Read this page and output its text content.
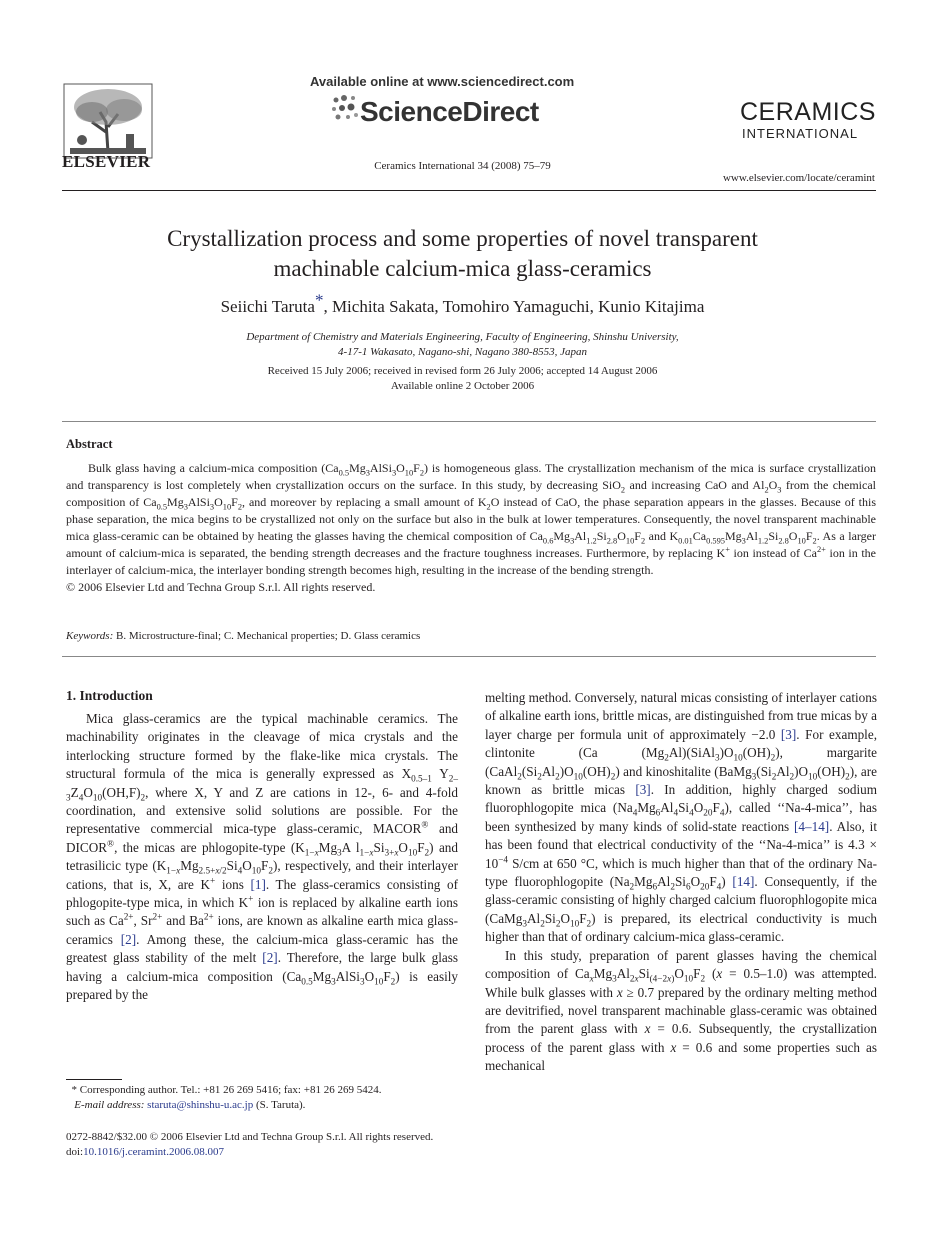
ELSEVIER
Available online at www.sciencedirect.com
ScienceDirect
Ceramics International 34 (2008) 75–79
CERAMICS
INTERNATIONAL
www.elsevier.com/locate/ceramint
Crystallization process and some properties of novel transparent
machinable calcium-mica glass-ceramics
Seiichi Taruta*, Michita Sakata, Tomohiro Yamaguchi, Kunio Kitajima
Department of Chemistry and Materials Engineering, Faculty of Engineering, Shinshu University,
4-17-1 Wakasato, Nagano-shi, Nagano 380-8553, Japan
Received 15 July 2006; received in revised form 26 July 2006; accepted 14 August 2006
Available online 2 October 2006
Abstract

Bulk glass having a calcium-mica composition $(Ca_{0.5}Mg_3AlSi_3O_{10}F_2)$ is homogeneous glass. The crystallization mechanism of the mica is surface crystallization and transparency is lost completely when crystallization occurs on the surface. In this study, by decreasing SiO$_2$ and increasing CaO and $Al_2O_3$ from the chemical composition of $Ca_{0.5}Mg_3AlSi_3O_{10}F_2$, and moreover by replacing a small amount of $K_2O$ instead of CaO, the phase separation appears in the glasses. Because of this phase separation, the mica begins to be crystallized not only on the surface but also in the bulk at lower temperatures. Consequently, the novel transparent machinable mica glass-ceramic can be obtained by heating the glasses having the chemical composition of $Ca_{0.6}Mg_3Al_{1.2}Si_{2.8}O_{10}F_2$ and $K_{0.01}Ca_{0.595}Mg_3Al_{1.2}Si_{2.8}O_{10}F_2$. As a larger amount of calcium-mica is separated, the bending strength decreases and the fracture toughness increases. Furthermore, by replacing K+ ion instead of $Ca^{2+}$ ion in the interlayer of calcium-mica, the interlayer bonding strength becomes high, resulting in the increase of the bending strength.

© 2006 Elsevier Ltd and Techna Group S.r.l. All rights reserved.
Keywords: B. Microstructure-final; C. Mechanical properties; D. Glass ceramics
1. Introduction

Mica glass-ceramics are the typical machinable ceramics. The machinability originates in the cleavage of mica crystals and the interlocking structure formed by the flake-like mica crystals. The structural formula of the mica is generally expressed as $X_{0.5-1}$ $Y_{2-3}Z_4O_{10}(OH,F)_2$, where X, Y and Z are cations in 12-, 6- and 4-fold coordination, and extensive solid solutions are possible. For the representative commercial mica-type glass-ceramic, MACOR® and DICOR®, the micas are phlogopite-type ($K_{1-x}Mg_3A$ $l_{1-x}Si_{3+x}O_{10}F_2$) and tetrasilicic type $(K_{1-x}Mg_{2.5+x/2}Si_4O_{10}F_2)$, respectively, and their interlayer cations, that is, X, are K+ ions [1]. The glass-ceramics consisting of phlogopite-type mica, in which K+ ion is replaced by alkaline earth ions such as $Ca^{2+}$, $Sr^{2+}$ and $Ba^{2+}$ ions, are known as alkaline earth mica glass-ceramics [2]. Among these, the calcium-mica glass-ceramic has the greatest glass stability of the melt [2]. Therefore, the large bulk glass having a calcium-mica composition $(Ca_{0.5}Mg_3AlSi_3O_{10}F_2)$ is easily prepared by the

melting method. Conversely, natural micas consisting of interlayer cations of alkaline earth ions, brittle micas, are distinguished from true micas by a layer charge per formula unit of approximately −2.0 [3]. For example, clintonite (Ca $(Mg_2Al)(SiAl_3)O_{10}(OH)_2$), margarite $(CaAl_2(Si_2Al_2)O_{10}(OH)_2)$ and kinoshitalite $(BaMg_3(Si_2Al_2)O_{10}(OH)_2)$, are known as brittle micas [3]. In addition, highly charged sodium fluorophlogopite mica $(Na_4Mg_6Al_4Si_4O_{20}F_4)$, called ‘‘Na-4-mica’’, has been synthesized by many kinds of solid-state reactions [4–14]. Also, it has been found that electrical conductivity of the ‘‘Na-4-mica’’ is $4.3 \times 10^{-4}$ S/cm at 650 °C, which is much higher than that of the ordinary Na-type fluorophlogopite $(Na_2Mg_6Al_2Si_6O_{20}F_4)$ [14]. Consequently, if the glass-ceramic consisting of highly charged calcium fluorophlogopite mica $(CaMg_3Al_2Si_2O_{10}F_2)$ is prepared, its electrical conductivity is much higher than that of ordinary calcium-mica glass-ceramic.

In this study, preparation of parent glasses having the chemical composition of $Ca_xMg_3Al_{2x}Si_{(4-2x)}O_{10}F_2$ (x = 0.5–1.0) was attempted. While bulk glasses with x ≥ 0.7 prepared by the ordinary melting method are devitrified, novel transparent machinable glass-ceramic was obtained from the parent glass with x = 0.6. Subsequently, the crystallization process of the parent glass with x = 0.6 and some properties such as mechanical

* Corresponding author. Tel.: +81 26 269 5416; fax: +81 26 269 5424.
E-mail address: staruta@shinshu-u.ac.jp (S. Taruta).
0272-8842/$32.00 © 2006 Elsevier Ltd and Techna Group S.r.l. All rights reserved.
doi:10.1016/j.ceramint.2006.08.007
